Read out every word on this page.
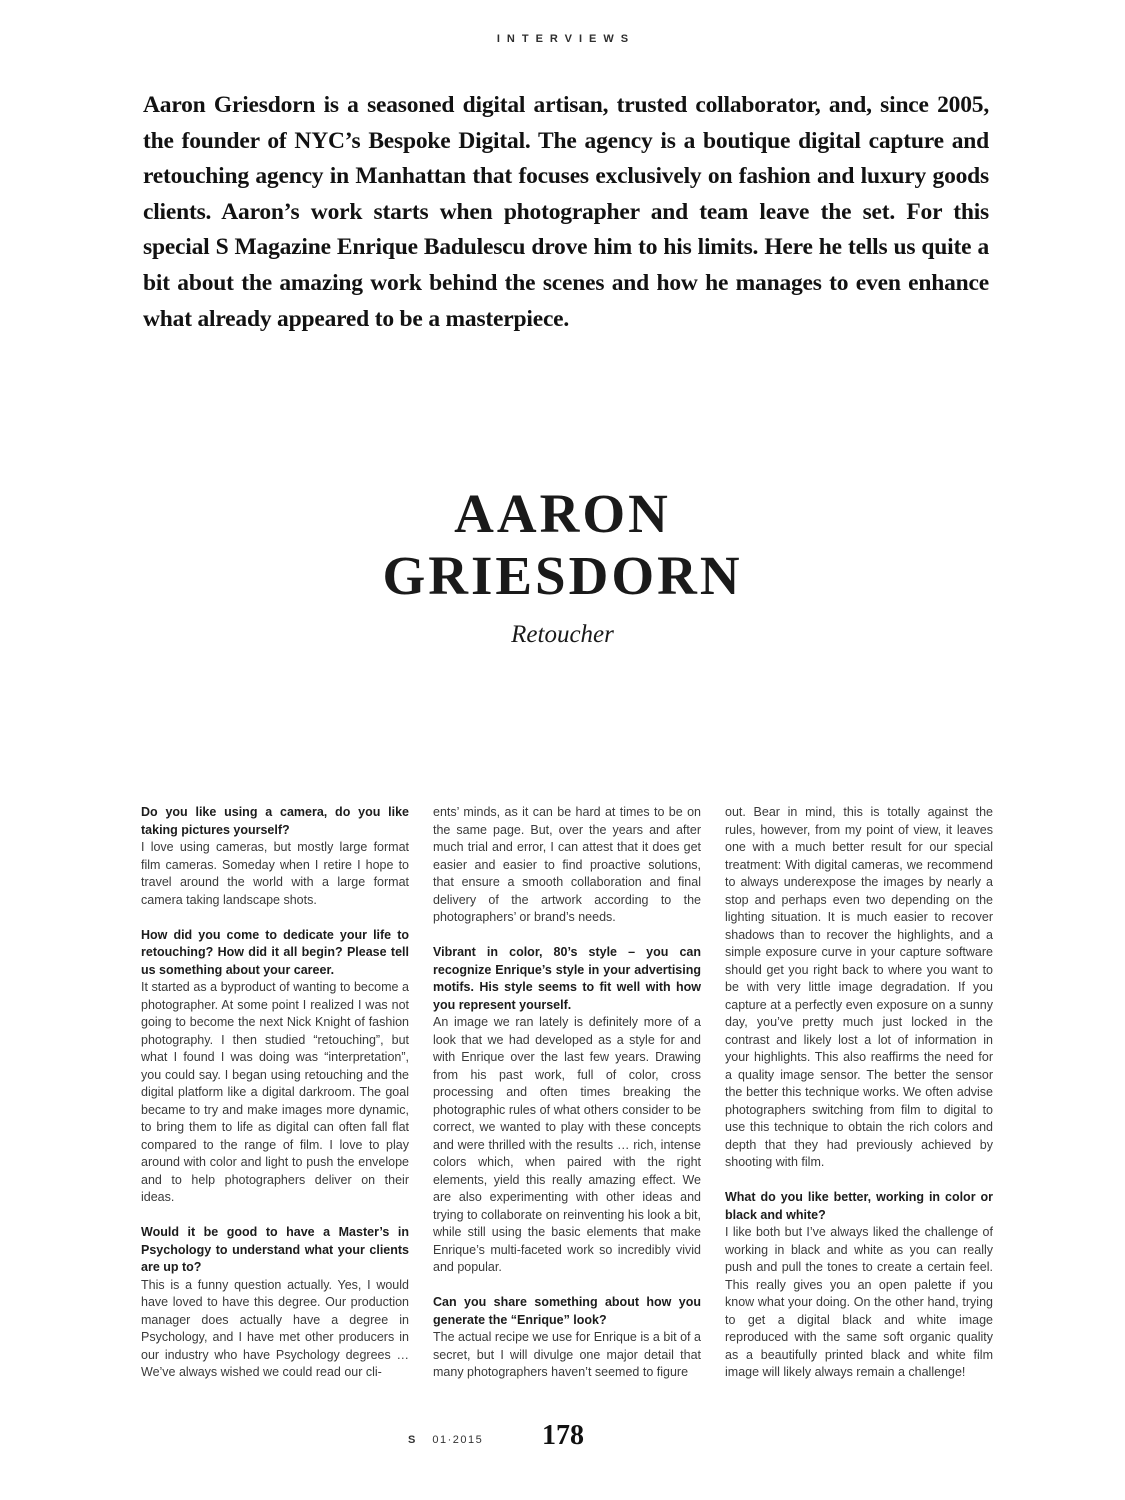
INTERVIEWS
Aaron Griesdorn is a seasoned digital artisan, trusted collaborator, and, since 2005, the founder of NYC’s Bespoke Digital. The agency is a boutique digital capture and retouching agency in Manhattan that focuses exclusively on fashion and luxury goods clients. Aaron’s work starts when photographer and team leave the set. For this special S Magazine Enrique Badulescu drove him to his limits. Here he tells us quite a bit about the amazing work behind the scenes and how he manages to even enhance what already appeared to be a masterpiece.
AARON
GRIESDORN
Retoucher

Do you like using a camera, do you like taking pictures yourself?

I love using cameras, but mostly large format film cameras. Someday when I retire I hope to travel around the world with a large format camera taking landscape shots.

How did you come to dedicate your life to retouching? How did it all begin? Please tell us something about your career.

It started as a byproduct of wanting to become a photographer. At some point I realized I was not going to become the next Nick Knight of fashion photography. I then studied “retouching”, but what I found I was doing was “interpretation”, you could say. I began using retouching and the digital platform like a digital darkroom. The goal became to try and make images more dynamic, to bring them to life as digital can often fall flat compared to the range of film. I love to play around with color and light to push the envelope and to help photographers deliver on their ideas.

Would it be good to have a Master’s in Psychology to understand what your clients are up to?

This is a funny question actually. Yes, I would have loved to have this degree. Our production manager does actually have a degree in Psychology, and I have met other producers in our industry who have Psychology degrees … We’ve always wished we could read our cli-

ents’ minds, as it can be hard at times to be on the same page. But, over the years and after much trial and error, I can attest that it does get easier and easier to find proactive solutions, that ensure a smooth collaboration and final delivery of the artwork according to the photographers’ or brand’s needs.

Vibrant in color, 80’s style – you can recognize Enrique’s style in your advertising motifs. His style seems to fit well with how you represent yourself.

An image we ran lately is definitely more of a look that we had developed as a style for and with Enrique over the last few years. Drawing from his past work, full of color, cross processing and often times breaking the photographic rules of what others consider to be correct, we wanted to play with these concepts and were thrilled with the results … rich, intense colors which, when paired with the right elements, yield this really amazing effect. We are also experimenting with other ideas and trying to collaborate on reinventing his look a bit, while still using the basic elements that make Enrique’s multi-faceted work so incredibly vivid and popular.

Can you share something about how you generate the “Enrique” look?

The actual recipe we use for Enrique is a bit of a secret, but I will divulge one major detail that many photographers haven’t seemed to figure

out. Bear in mind, this is totally against the rules, however, from my point of view, it leaves one with a much better result for our special treatment: With digital cameras, we recommend to always underexpose the images by nearly a stop and perhaps even two depending on the lighting situation. It is much easier to recover shadows than to recover the highlights, and a simple exposure curve in your capture software should get you right back to where you want to be with very little image degradation. If you capture at a perfectly even exposure on a sunny day, you’ve pretty much just locked in the contrast and likely lost a lot of information in your highlights. This also reaffirms the need for a quality image sensor. The better the sensor the better this technique works. We often advise photographers switching from film to digital to use this technique to obtain the rich colors and depth that they had previously achieved by shooting with film.

What do you like better, working in color or black and white?

I like both but I’ve always liked the challenge of working in black and white as you can really push and pull the tones to create a certain feel. This really gives you an open palette if you know what your doing. On the other hand, trying to get a digital black and white image reproduced with the same soft organic quality as a beautifully printed black and white film image will likely always remain a challenge!

S 01·2015 178
